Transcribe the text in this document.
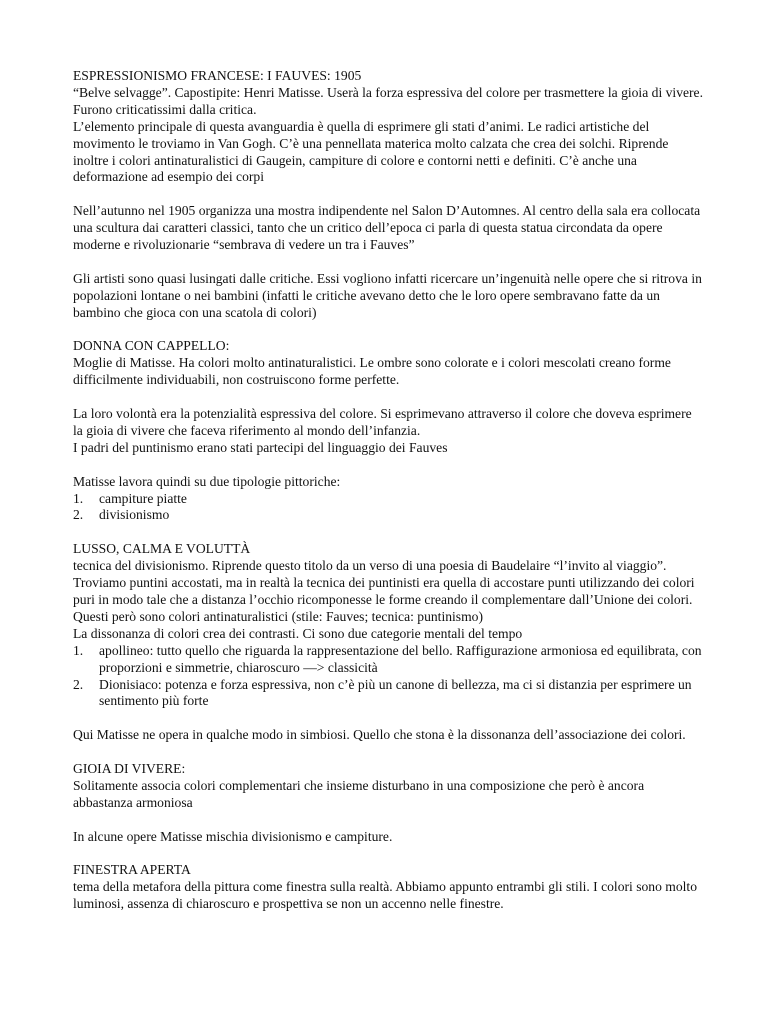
ESPRESSIONISMO FRANCESE: I FAUVES: 1905

“Belve selvagge”. Capostipite: Henri Matisse. Userà la forza espressiva del colore per trasmettere la gioia di vivere. Furono criticatissimi dalla critica.

L’elemento principale di questa avanguardia è quella di esprimere gli stati d’animi. Le radici artistiche del movimento le troviamo in Van Gogh. C’è una pennellata materica molto calzata che crea dei solchi. Riprende inoltre i colori antinaturalistici di Gaugein, campiture di colore e contorni netti e definiti. C’è anche una deformazione ad esempio dei corpi

Nell’autunno nel 1905 organizza una mostra indipendente nel Salon D’Automnes. Al centro della sala era collocata una scultura dai caratteri classici, tanto che un critico dell’epoca ci parla di questa statua circondata da opere moderne e rivoluzionarie “sembrava di vedere un tra i Fauves”

Gli artisti sono quasi lusingati dalle critiche. Essi vogliono infatti ricercare un’ingenuità nelle opere che si ritrova in popolazioni lontane o nei bambini (infatti le critiche avevano detto che le loro opere sembravano fatte da un bambino che gioca con una scatola di colori)

DONNA CON CAPPELLO:

Moglie di Matisse. Ha colori molto antinaturalistici. Le ombre sono colorate e i colori mescolati creano forme difficilmente individuabili, non costruiscono forme perfette.

La loro volontà era la potenzialità espressiva del colore. Si esprimevano attraverso il colore che doveva esprimere la gioia di vivere che faceva riferimento al mondo dell’infanzia.

I padri del puntinismo erano stati partecipi del linguaggio dei Fauves

Matisse lavora quindi su due tipologie pittoriche:

1.	campiture piatte
2.	divisionismo

LUSSO, CALMA E VOLUTTÀ

tecnica del divisionismo. Riprende questo titolo da un verso di una poesia di Baudelaire “l’invito al viaggio”. Troviamo puntini accostati, ma in realtà la tecnica dei puntinisti era quella di accostare punti utilizzando dei colori puri in modo tale che a distanza l’occhio ricomponesse le forme creando il complementare dall’Unione dei colori. Questi però sono colori antinaturalistici (stile: Fauves; tecnica: puntinismo)

La dissonanza di colori crea dei contrasti. Ci sono due categorie mentali del tempo

1.	apollineo: tutto quello che riguarda la rappresentazione del bello. Raffigurazione armoniosa ed equilibrata, con proporzioni e simmetrie, chiaroscuro —> classicità
2.	Dionisiaco: potenza e forza espressiva, non c’è più un canone di bellezza, ma ci si distanzia per esprimere un sentimento più forte

Qui Matisse ne opera in qualche modo in simbiosi. Quello che stona è la dissonanza dell’associazione dei colori.

GIOIA DI VIVERE:

Solitamente associa colori complementari che insieme disturbano in una composizione che però è ancora abbastanza armoniosa

In alcune opere Matisse mischia divisionismo e campiture.

FINESTRA APERTA

tema della metafora della pittura come finestra sulla realtà. Abbiamo appunto entrambi gli stili. I colori sono molto luminosi, assenza di chiaroscuro e prospettiva se non un accenno nelle finestre.
